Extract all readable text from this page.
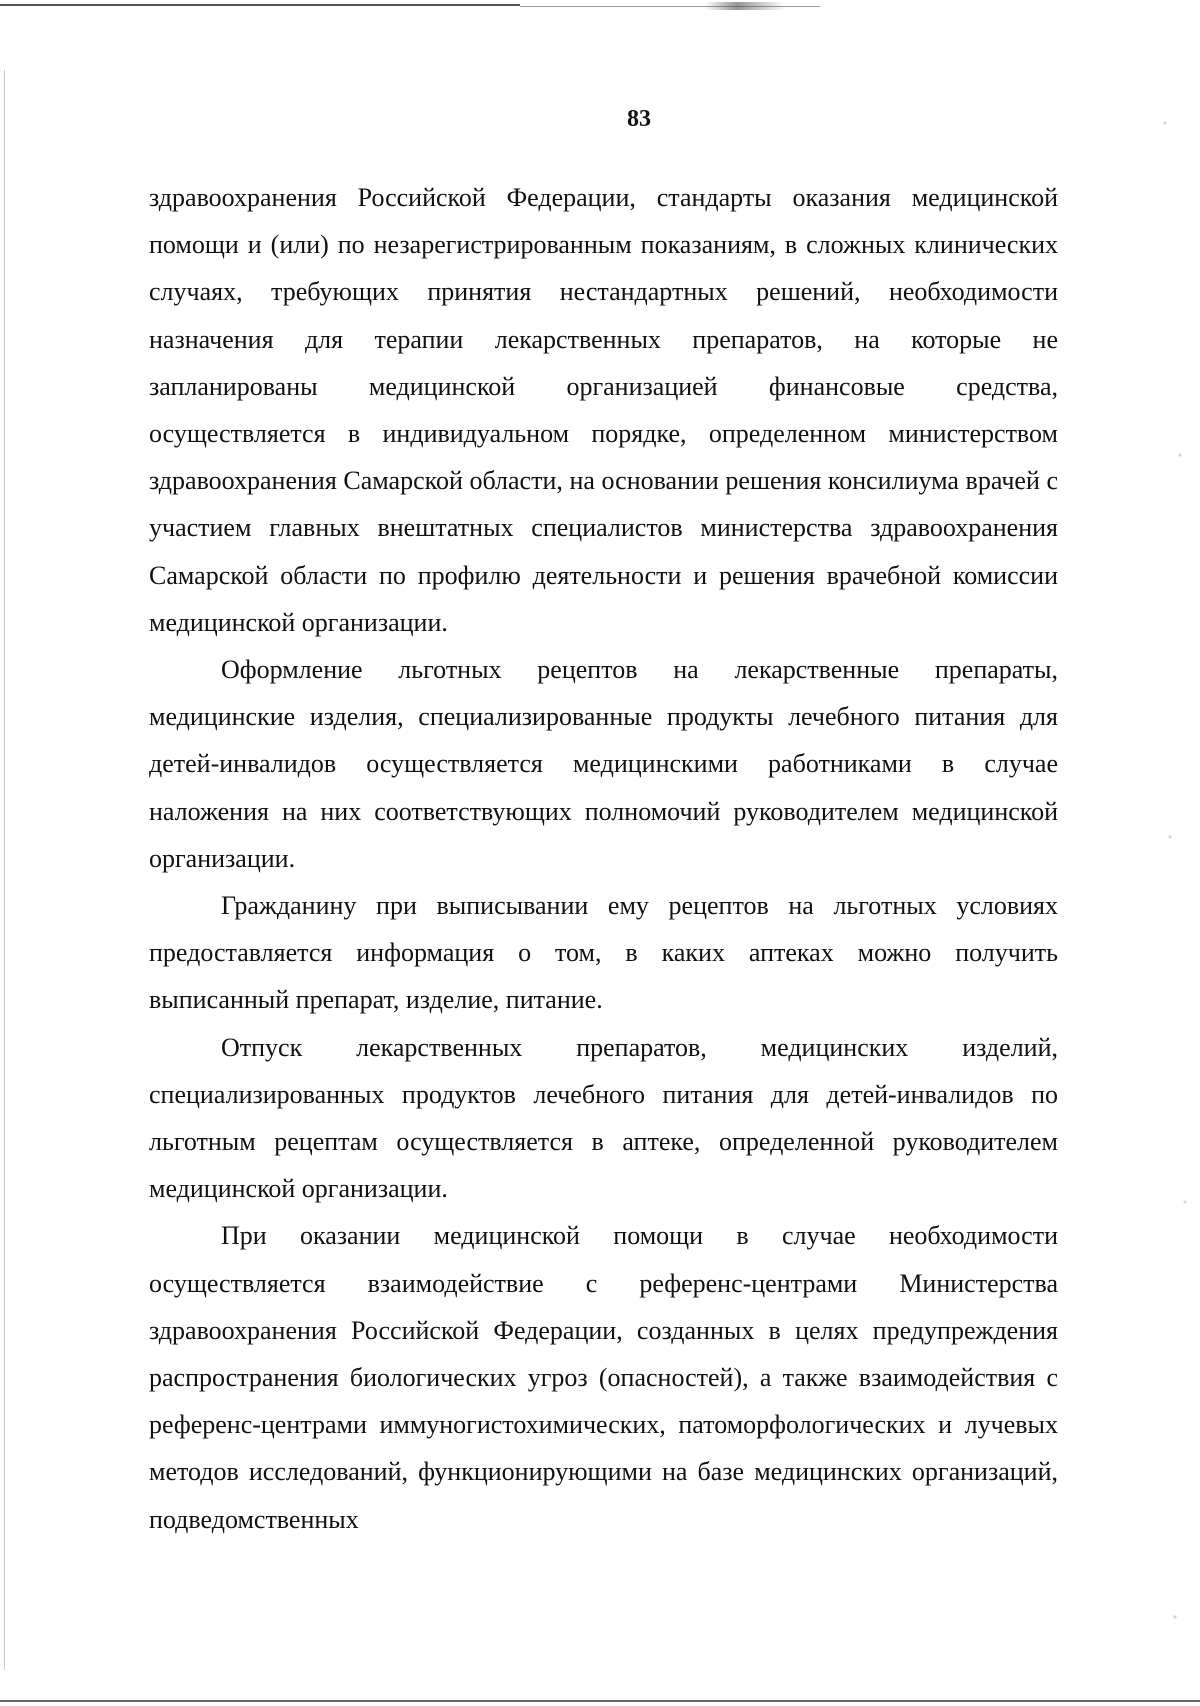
83

здравоохранения Российской Федерации, стандарты оказания медицинской помощи и (или) по незарегистрированным показаниям, в сложных клинических случаях, требующих принятия нестандартных решений, необходимости назначения для терапии лекарственных препаратов, на которые не запланированы медицинской организацией финансовые средства, осуществляется в индивидуальном порядке, определенном министерством здравоохранения Самарской области, на основании решения консилиума врачей с участием главных внештатных специалистов министерства здравоохранения Самарской области по профилю деятельности и решения врачебной комиссии медицинской организации.

Оформление льготных рецептов на лекарственные препараты, медицинские изделия, специализированные продукты лечебного питания для детей-инвалидов осуществляется медицинскими работниками в случае наложения на них соответствующих полномочий руководителем медицинской организации.

Гражданину при выписывании ему рецептов на льготных условиях предоставляется информация о том, в каких аптеках можно получить выписанный препарат, изделие, питание.

Отпуск лекарственных препаратов, медицинских изделий, специализированных продуктов лечебного питания для детей-инвалидов по льготным рецептам осуществляется в аптеке, определенной руководителем медицинской организации.

При оказании медицинской помощи в случае необходимости осуществляется взаимодействие с референс-центрами Министерства здравоохранения Российской Федерации, созданных в целях предупреждения распространения биологических угроз (опасностей), а также взаимодействия с референс-центрами иммуногистохимических, патоморфологических и лучевых методов исследований, функционирующими на базе медицинских организаций, подведомственных
